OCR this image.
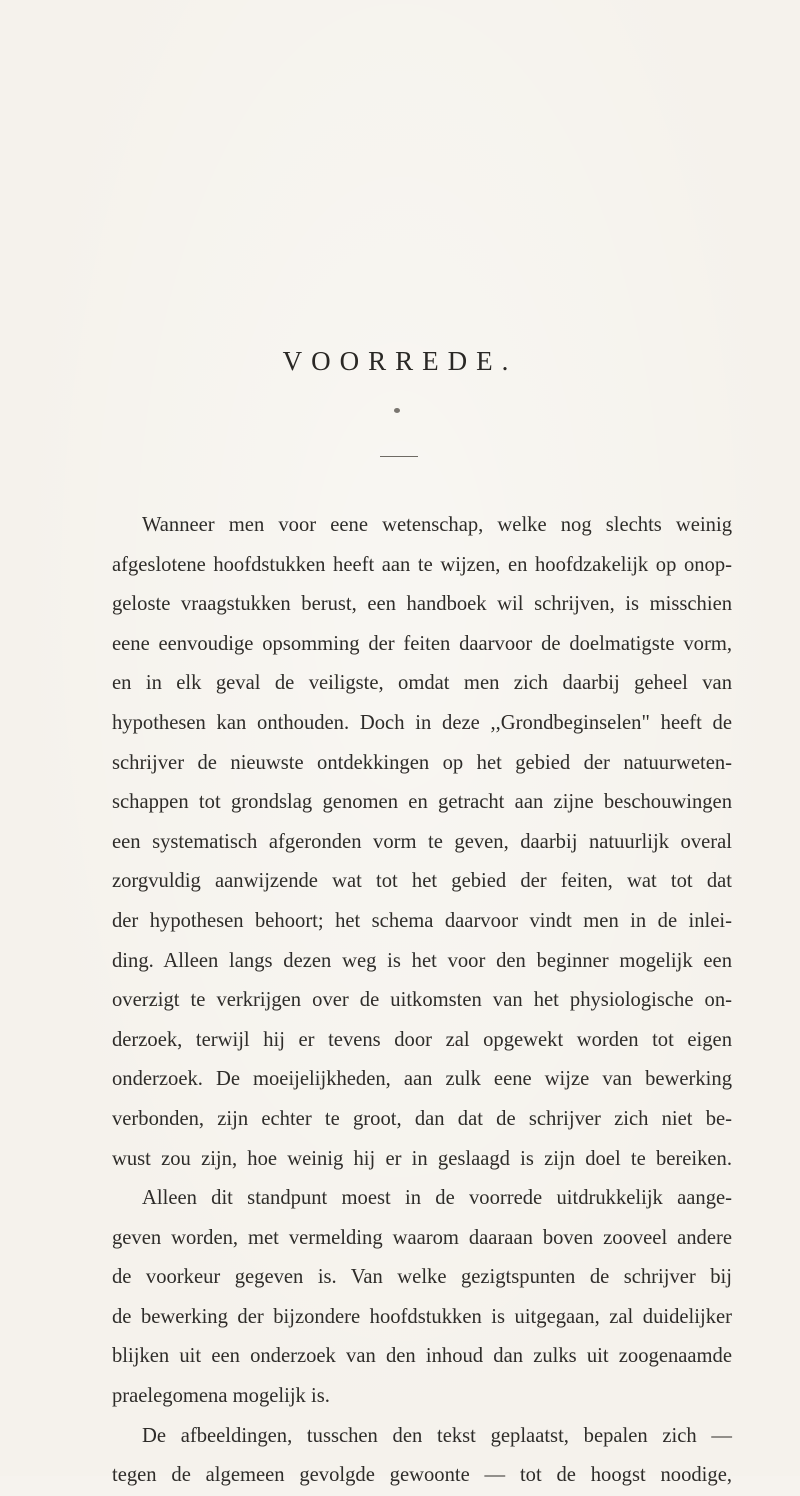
VOORREDE.
Wanneer men voor eene wetenschap, welke nog slechts weinig
afgeslotene hoofdstukken heeft aan te wijzen, en hoofdzakelijk op onop-
geloste vraagstukken berust, een handboek wil schrijven, is misschien
eene eenvoudige opsomming der feiten daarvoor de doelmatigste vorm,
en in elk geval de veiligste, omdat men zich daarbij geheel van
hypothesen kan onthouden. Doch in deze ,,Grondbeginselen" heeft de
schrijver de nieuwste ontdekkingen op het gebied der natuurweten-
schappen tot grondslag genomen en getracht aan zijne beschouwingen
een systematisch afgeronden vorm te geven, daarbij natuurlijk overal
zorgvuldig aanwijzende wat tot het gebied der feiten, wat tot dat
der hypothesen behoort; het schema daarvoor vindt men in de inlei-
ding. Alleen langs dezen weg is het voor den beginner mogelijk een
overzigt te verkrijgen over de uitkomsten van het physiologische on-
derzoek, terwijl hij er tevens door zal opgewekt worden tot eigen
onderzoek. De moeijelijkheden, aan zulk eene wijze van bewerking
verbonden, zijn echter te groot, dan dat de schrijver zich niet be-
wust zou zijn, hoe weinig hij er in geslaagd is zijn doel te bereiken.
Alleen dit standpunt moest in de voorrede uitdrukkelijk aange-
geven worden, met vermelding waarom daaraan boven zooveel andere
de voorkeur gegeven is. Van welke gezigtspunten de schrijver bij
de bewerking der bijzondere hoofdstukken is uitgegaan, zal duidelijker
blijken uit een onderzoek van den inhoud dan zulks uit zoogenaamde
praelegomena mogelijk is.
De afbeeldingen, tusschen den tekst geplaatst, bepalen zich —
tegen de algemeen gevolgde gewoonte — tot de hoogst noodige,
